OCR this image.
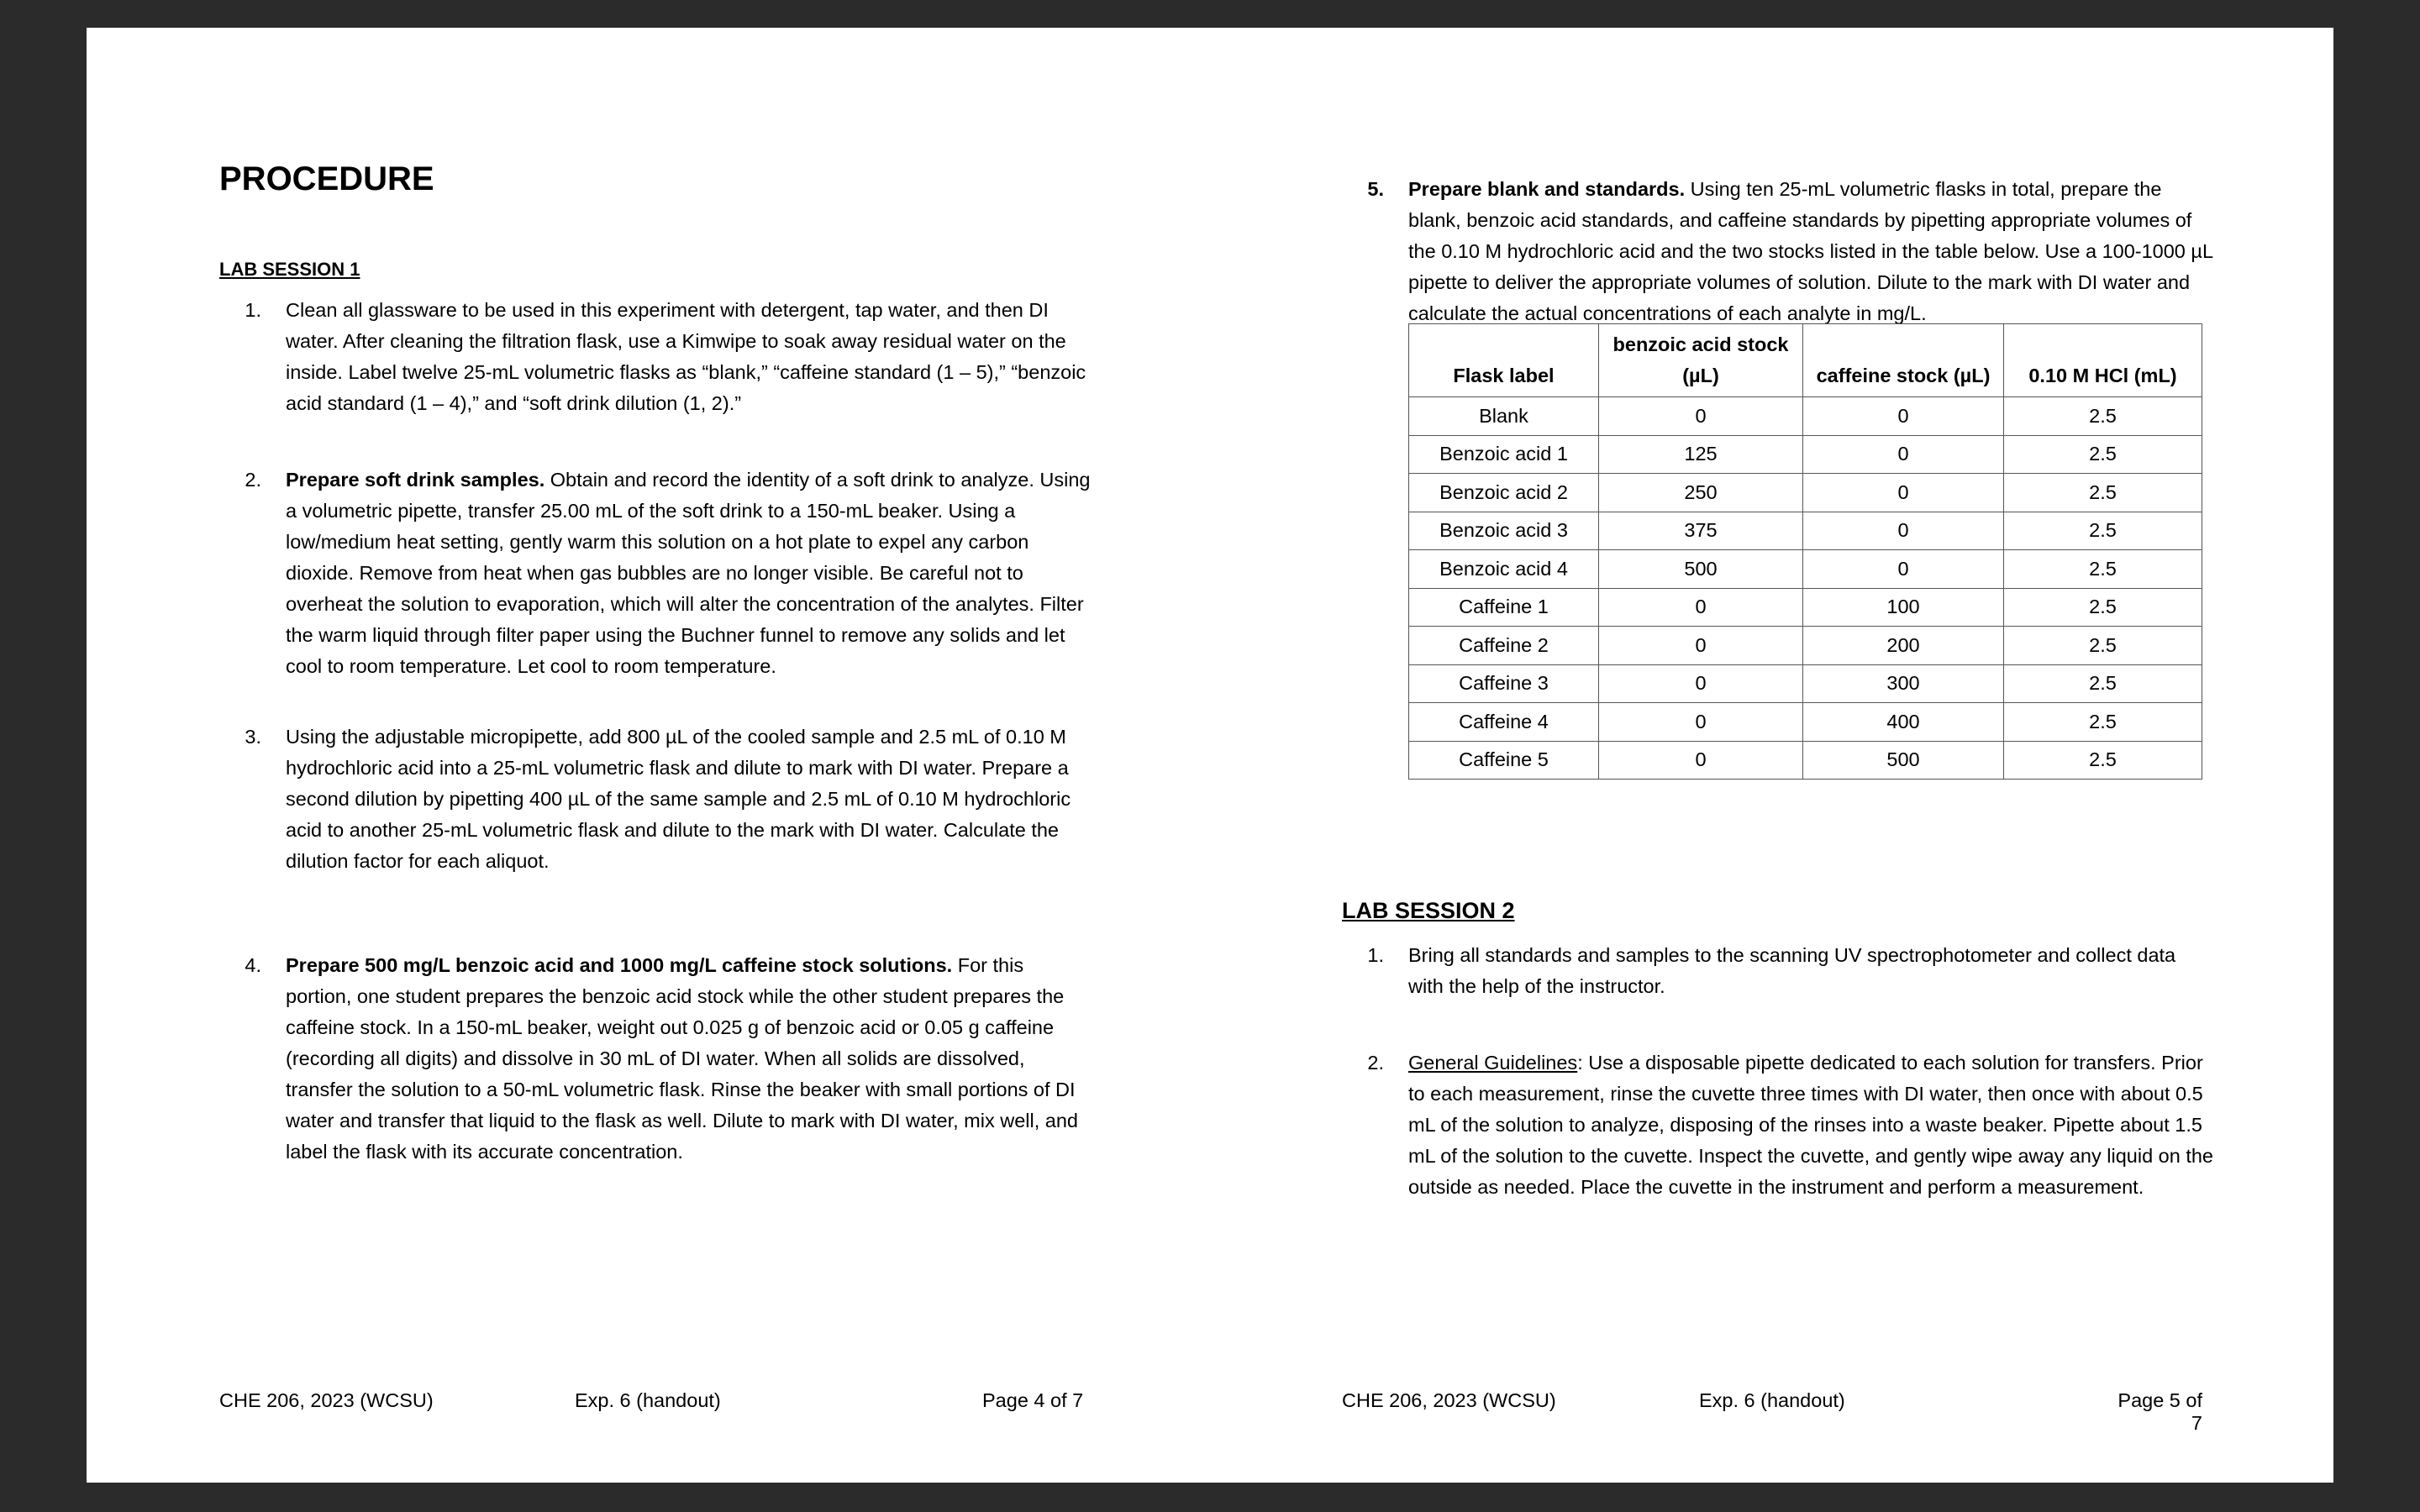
PROCEDURE
LAB SESSION 1
1. Clean all glassware to be used in this experiment with detergent, tap water, and then DI water. After cleaning the filtration flask, use a Kimwipe to soak away residual water on the inside. Label twelve 25-mL volumetric flasks as “blank,” “caffeine standard (1 – 5),” “benzoic acid standard (1 – 4),” and “soft drink dilution (1, 2).”
2. Prepare soft drink samples. Obtain and record the identity of a soft drink to analyze. Using a volumetric pipette, transfer 25.00 mL of the soft drink to a 150-mL beaker. Using a low/medium heat setting, gently warm this solution on a hot plate to expel any carbon dioxide. Remove from heat when gas bubbles are no longer visible. Be careful not to overheat the solution to evaporation, which will alter the concentration of the analytes. Filter the warm liquid through filter paper using the Buchner funnel to remove any solids and let cool to room temperature. Let cool to room temperature.
3. Using the adjustable micropipette, add 800 µL of the cooled sample and 2.5 mL of 0.10 M hydrochloric acid into a 25-mL volumetric flask and dilute to mark with DI water. Prepare a second dilution by pipetting 400 µL of the same sample and 2.5 mL of 0.10 M hydrochloric acid to another 25-mL volumetric flask and dilute to the mark with DI water. Calculate the dilution factor for each aliquot.
4. Prepare 500 mg/L benzoic acid and 1000 mg/L caffeine stock solutions. For this portion, one student prepares the benzoic acid stock while the other student prepares the caffeine stock. In a 150-mL beaker, weight out 0.025 g of benzoic acid or 0.05 g caffeine (recording all digits) and dissolve in 30 mL of DI water. When all solids are dissolved, transfer the solution to a 50-mL volumetric flask. Rinse the beaker with small portions of DI water and transfer that liquid to the flask as well. Dilute to mark with DI water, mix well, and label the flask with its accurate concentration.
CHE 206, 2023 (WCSU)	Exp. 6 (handout)	Page 4 of 7
5. Prepare blank and standards. Using ten 25-mL volumetric flasks in total, prepare the blank, benzoic acid standards, and caffeine standards by pipetting appropriate volumes of the 0.10 M hydrochloric acid and the two stocks listed in the table below. Use a 100-1000 µL pipette to deliver the appropriate volumes of solution. Dilute to the mark with DI water and calculate the actual concentrations of each analyte in mg/L.
Flask label	benzoic acid stock (µL)	caffeine stock (µL)	0.10 M HCl (mL)
Blank	0	0	2.5
Benzoic acid 1	125	0	2.5
Benzoic acid 2	250	0	2.5
Benzoic acid 3	375	0	2.5
Benzoic acid 4	500	0	2.5
Caffeine 1	0	100	2.5
Caffeine 2	0	200	2.5
Caffeine 3	0	300	2.5
Caffeine 4	0	400	2.5
Caffeine 5	0	500	2.5
LAB SESSION 2
1. Bring all standards and samples to the scanning UV spectrophotometer and collect data with the help of the instructor.
2. General Guidelines: Use a disposable pipette dedicated to each solution for transfers. Prior to each measurement, rinse the cuvette three times with DI water, then once with about 0.5 mL of the solution to analyze, disposing of the rinses into a waste beaker. Pipette about 1.5 mL of the solution to the cuvette. Inspect the cuvette, and gently wipe away any liquid on the outside as needed. Place the cuvette in the instrument and perform a measurement.
CHE 206, 2023 (WCSU)	Exp. 6 (handout)	Page 5 of 7
